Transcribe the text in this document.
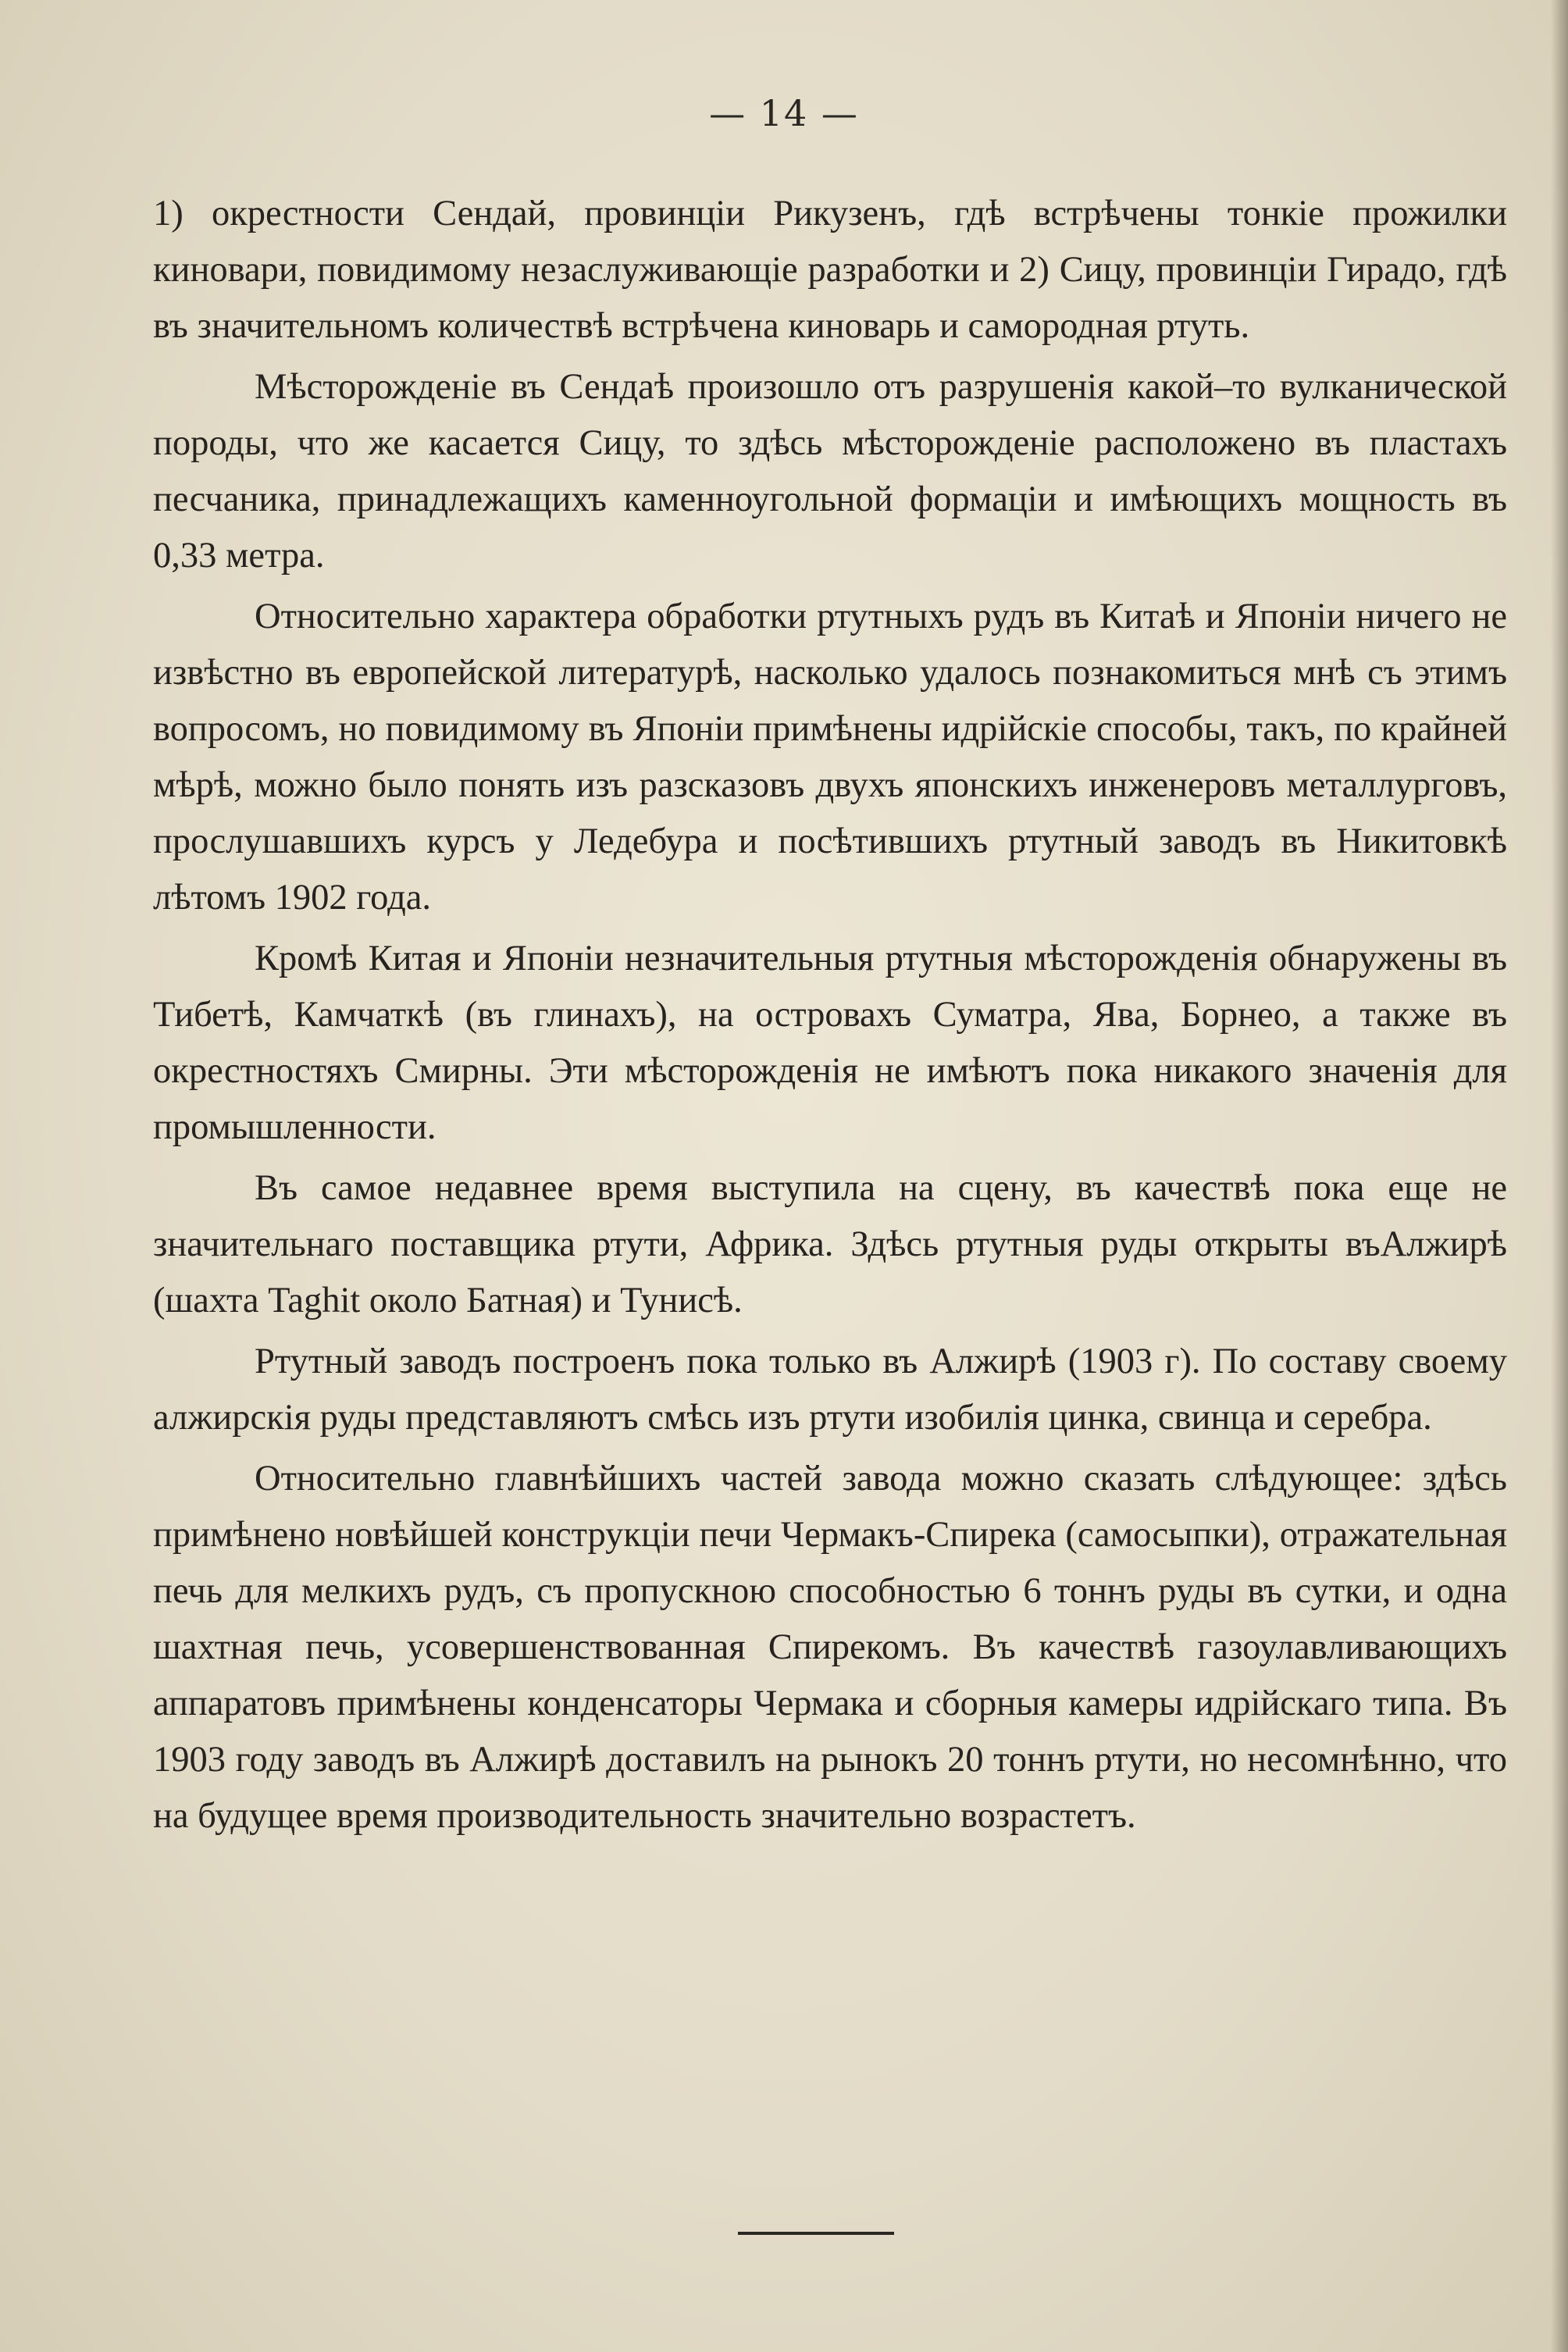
— 14 —

1) окрестности Сендай, провинціи Рикузенъ, гдѣ встрѣчены тонкіе прожилки киновари, повидимому незаслуживающіе разработки и 2) Сицу, провинціи Гирадо, гдѣ въ значительномъ количествѣ встрѣчена киноварь и самородная ртуть.

Мѣсторожденіе въ Сендаѣ произошло отъ разрушенія какой–то вулканической породы, что же касается Сицу, то здѣсь мѣсторожденіе расположено въ пластахъ песчаника, принадлежащихъ каменноугольной формаціи и имѣющихъ мощность въ 0,33 метра.

Относительно характера обработки ртутныхъ рудъ въ Китаѣ и Японіи ничего не извѣстно въ европейской литературѣ, насколько удалось познакомиться мнѣ съ этимъ вопросомъ, но повидимому въ Японіи примѣнены идрійскіе способы, такъ, по крайней мѣрѣ, можно было понять изъ разсказовъ двухъ японскихъ инженеровъ металлурговъ, прослушавшихъ курсъ у Ледебура и посѣтившихъ ртутный заводъ въ Никитовкѣ лѣтомъ 1902 года.

Кромѣ Китая и Японіи незначительныя ртутныя мѣсторожденія обнаружены въ Тибетѣ, Камчаткѣ (въ глинахъ), на островахъ Суматра, Ява, Борнео, а также въ окрестностяхъ Смирны. Эти мѣсторожденія не имѣютъ пока никакого значенія для промышленности.

Въ самое недавнее время выступила на сцену, въ качествѣ пока еще не значительнаго поставщика ртути, Африка. Здѣсь ртутныя руды открыты въАлжирѣ (шахта Taghit около Батная) и Тунисѣ.

Ртутный заводъ построенъ пока только въ Алжирѣ (1903 г). По составу своему алжирскія руды представляютъ смѣсь изъ ртути изобилія цинка, свинца и серебра.

Относительно главнѣйшихъ частей завода можно сказать слѣдующее: здѣсь примѣнено новѣйшей конструкціи печи Чермакъ-Спирека (самосыпки), отражательная печь для мелкихъ рудъ, съ пропускною способностью 6 тоннъ руды въ сутки, и одна шахтная печь, усовершенствованная Спирекомъ. Въ качествѣ газоулавливающихъ аппаратовъ примѣнены конденсаторы Чермака и сборныя камеры идрійскаго типа. Въ 1903 году заводъ въ Алжирѣ доставилъ на рынокъ 20 тоннъ ртути, но несомнѣнно, что на будущее время производительность значительно возрастетъ.
